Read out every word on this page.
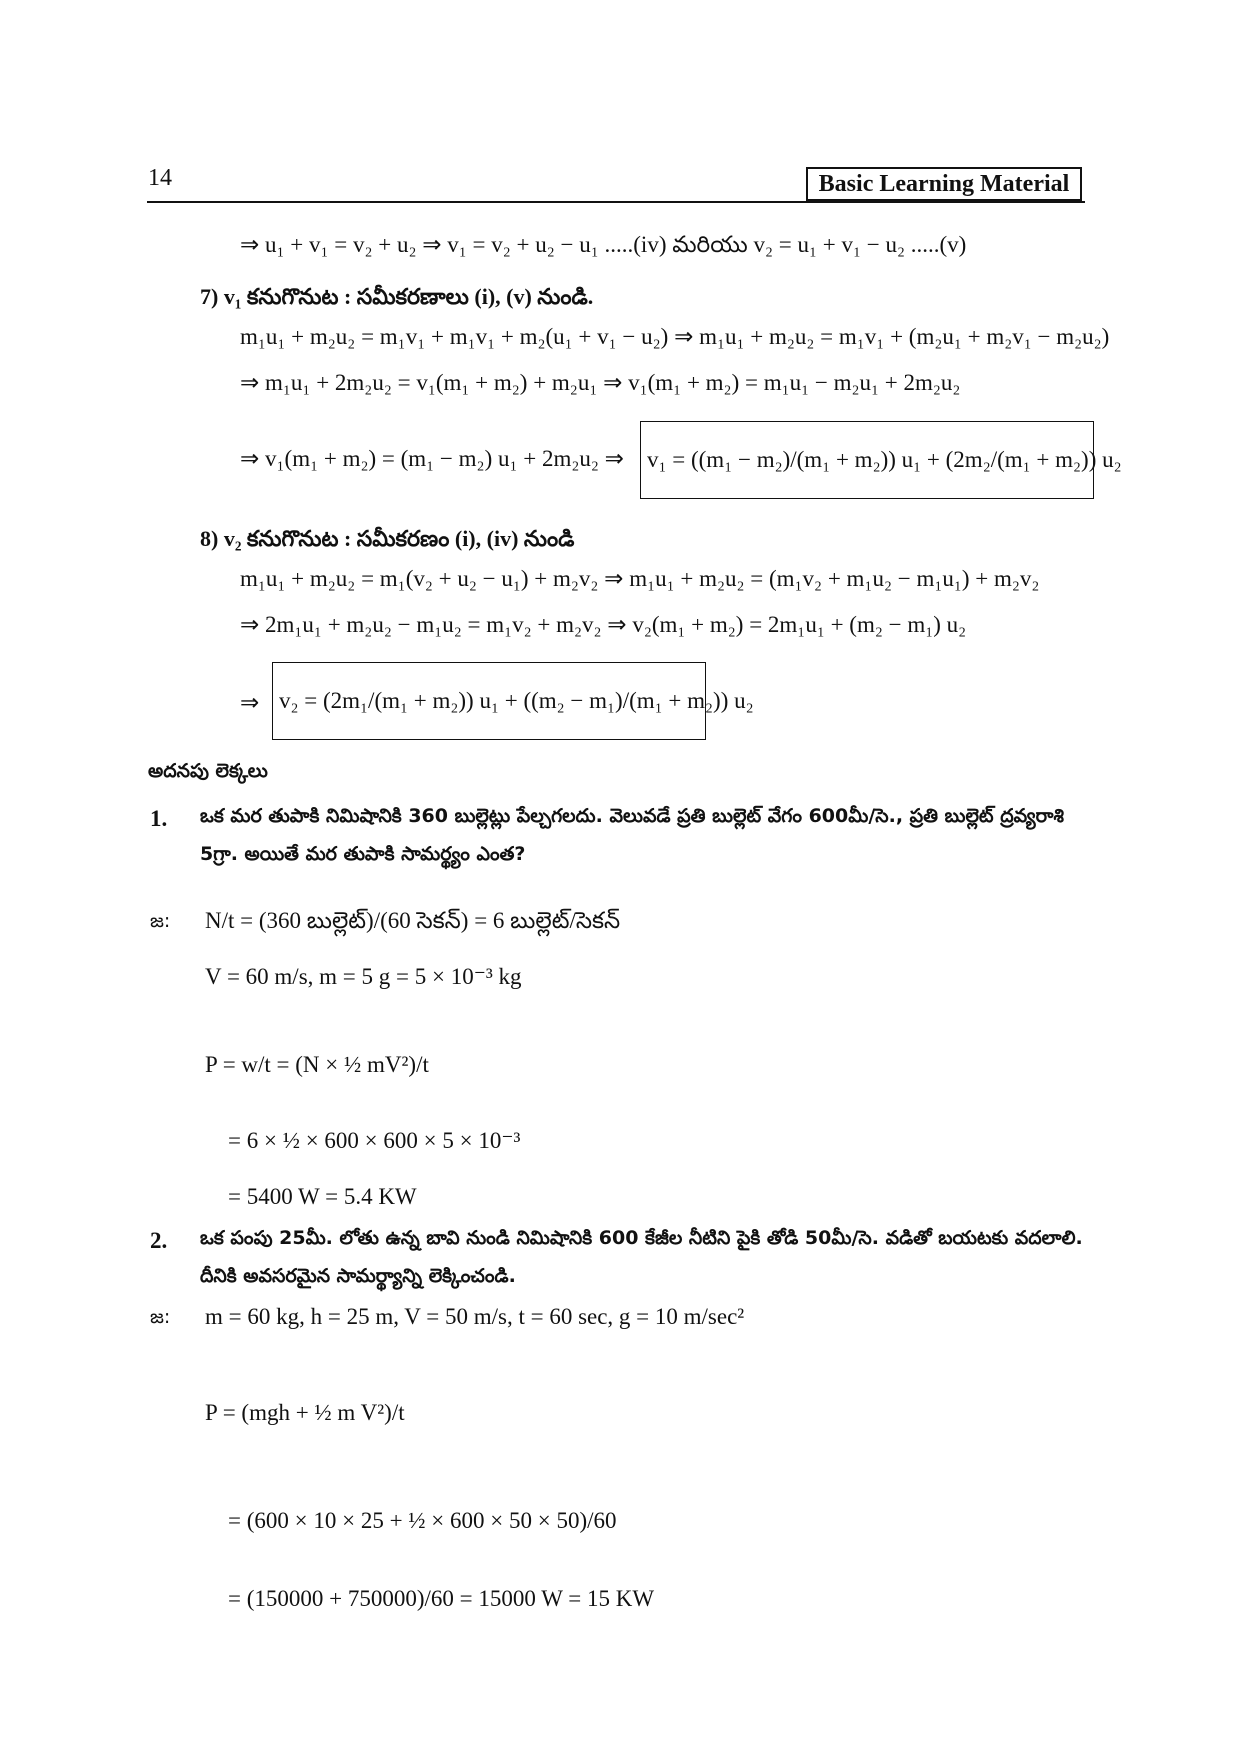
14	Basic Learning Material
⇒ u₁ + v₁ = v₂ + u₂ ⇒ v₁ = v₂ + u₂ − u₁ .....(iv) మరియు v₂ = u₁ + v₁ − u₂ .....(v)
7) v₁ కనుగొనుట : సమీకరణాలు (i), (v) నుండి.
m₁u₁ + m₂u₂ = m₁v₁ + m₁v₁ + m₂(u₁ + v₁ − u₂) ⇒ m₁u₁ + m₂u₂ = m₁v₁ + (m₂u₁ + m₂v₁ − m₂u₂)
⇒ m₁u₁ + 2m₂u₂ = v₁(m₁ + m₂) + m₂u₁ ⇒ v₁(m₁ + m₂) = m₁u₁ − m₂u₁ + 2m₂u₂
⇒ v₁(m₁ + m₂) = (m₁ − m₂) u₁ + 2m₂u₂ ⇒	v₁ = ((m₁ − m₂)/(m₁ + m₂)) u₁ + (2m₂/(m₁ + m₂)) u₂
8) v₂ కనుగొనుట : సమీకరణం (i), (iv) నుండి
m₁u₁ + m₂u₂ = m₁(v₂ + u₂ − u₁) + m₂v₂ ⇒ m₁u₁ + m₂u₂ = (m₁v₂ + m₁u₂ − m₁u₁) + m₂v₂
⇒ 2m₁u₁ + m₂u₂ − m₁u₂ = m₁v₂ + m₂v₂ ⇒ v₂(m₁ + m₂) = 2m₁u₁ + (m₂ − m₁) u₂
⇒ v₂ = (2m₁/(m₁ + m₂)) u₁ + ((m₂ − m₁)/(m₁ + m₂)) u₂
అదనపు లెక్కలు
1. ఒక మర తుపాకి నిమిషానికి 360 బుల్లెట్లు పేల్చగలదు. వెలువడే ప్రతి బుల్లెట్ వేగం 600మీ/సె., ప్రతి బుల్లెట్ ద్రవ్యరాశి 5గ్రా. అయితే మర తుపాకి సామర్థ్యం ఎంత?
జ: N/t = (360 బుల్లెట్)/(60 సెకన్) = 6 బుల్లెట్/సెకన్
V = 60 m/s, m = 5 g = 5 × 10⁻³ kg
P = w/t = (N × ½ mV²)/t
= 6 × ½ × 600 × 600 × 5 × 10⁻³
= 5400 W = 5.4 KW
2. ఒక పంపు 25మీ. లోతు ఉన్న బావి నుండి నిమిషానికి 600 కేజీల నీటిని పైకి తోడి 50మీ/సె. వడితో బయటకు వదలాలి. దీనికి అవసరమైన సామర్థ్యాన్ని లెక్కించండి.
జ: m = 60 kg, h = 25 m, V = 50 m/s, t = 60 sec, g = 10 m/sec²
P = (mgh + ½ m V²)/t
= (600 × 10 × 25 + ½ × 600 × 50 × 50)/60
= (150000 + 750000)/60 = 15000 W = 15 KW
